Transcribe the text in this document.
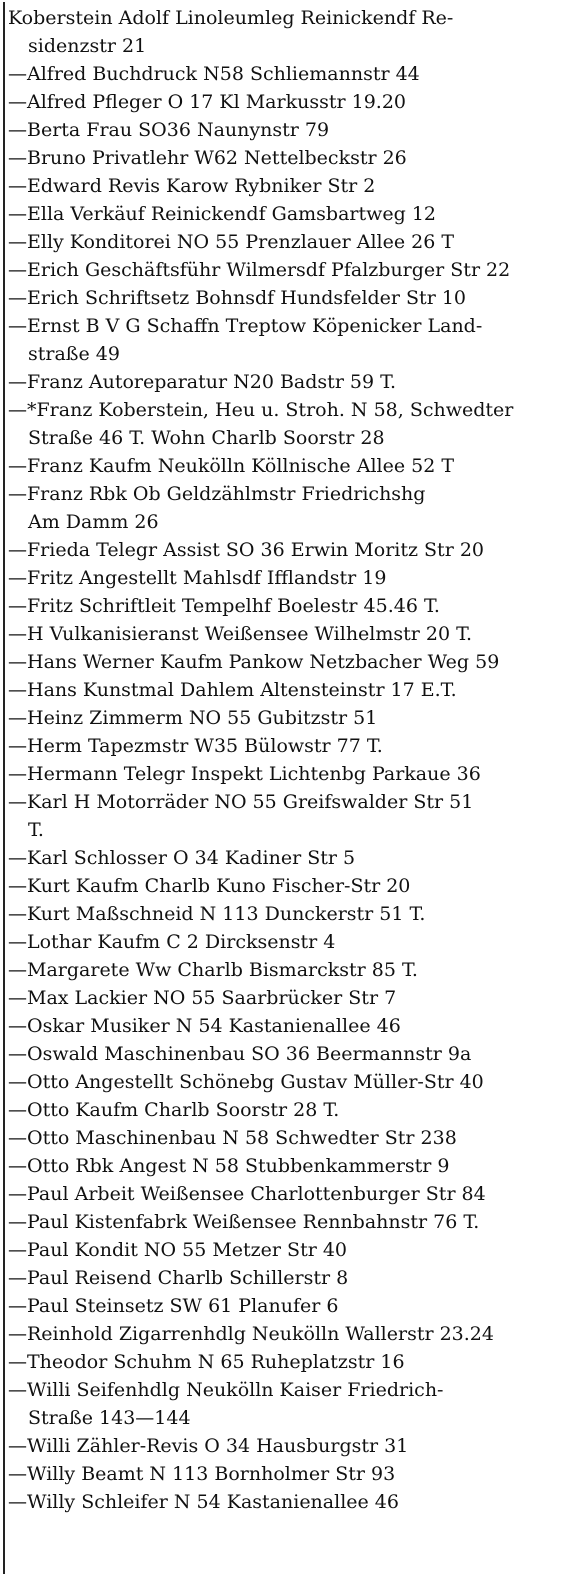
Koberstein Adolf Linoleumleg Reinickendf Re-
sidenzstr 21
—Alfred Buchdruck N58 Schliemannstr 44
—Alfred Pfleger O 17 Kl Markusstr 19.20
—Berta Frau SO36 Naunynstr 79
—Bruno Privatlehr W62 Nettelbeckstr 26
—Edward Revis Karow Rybniker Str 2
—Ella Verkäuf Reinickendf Gamsbartweg 12
—Elly Konditorei NO 55 Prenzlauer Allee 26 T
—Erich Geschäftsführ Wilmersdf Pfalzburger Str 22
—Erich Schriftsetz Bohnsdf Hundsfelder Str 10
—Ernst B V G Schaffn Treptow Köpenicker Land-
straße 49
—Franz Autoreparatur N20 Badstr 59 T.
—*Franz Koberstein, Heu u. Stroh. N 58, Schwedter
Straße 46 T. Wohn Charlb Soorstr 28
—Franz Kaufm Neukölln Köllnische Allee 52 T
—Franz Rbk Ob Geldzählmstr Friedrichshg
Am Damm 26
—Frieda Telegr Assist SO 36 Erwin Moritz Str 20
—Fritz Angestellt Mahlsdf Ifflandstr 19
—Fritz Schriftleit Tempelhf Boelestr 45.46 T.
—H Vulkanisieranst Weißensee Wilhelmstr 20 T.
—Hans Werner Kaufm Pankow Netzbacher Weg 59
—Hans Kunstmal Dahlem Altensteinstr 17 E.T.
—Heinz Zimmerm NO 55 Gubitzstr 51
—Herm Tapezmstr W35 Bülowstr 77 T.
—Hermann Telegr Inspekt Lichtenbg Parkaue 36
—Karl H Motorräder NO 55 Greifswalder Str 51
T.
—Karl Schlosser O 34 Kadiner Str 5
—Kurt Kaufm Charlb Kuno Fischer-Str 20
—Kurt Maßschneid N 113 Dunckerstr 51 T.
—Lothar Kaufm C 2 Dircksenstr 4
—Margarete Ww Charlb Bismarckstr 85 T.
—Max Lackier NO 55 Saarbrücker Str 7
—Oskar Musiker N 54 Kastanienallee 46
—Oswald Maschinenbau SO 36 Beermannstr 9a
—Otto Angestellt Schönebg Gustav Müller-Str 40
—Otto Kaufm Charlb Soorstr 28 T.
—Otto Maschinenbau N 58 Schwedter Str 238
—Otto Rbk Angest N 58 Stubbenkammerstr 9
—Paul Arbeit Weißensee Charlottenburger Str 84
—Paul Kistenfabrk Weißensee Rennbahnstr 76 T.
—Paul Kondit NO 55 Metzer Str 40
—Paul Reisend Charlb Schillerstr 8
—Paul Steinsetz SW 61 Planufer 6
—Reinhold Zigarrenhdlg Neukölln Wallerstr 23.24
—Theodor Schuhm N 65 Ruheplatzstr 16
—Willi Seifenhdlg Neukölln Kaiser Friedrich-
Straße 143—144
—Willi Zähler-Revis O 34 Hausburgstr 31
—Willy Beamt N 113 Bornholmer Str 93
—Willy Schleifer N 54 Kastanienallee 46
